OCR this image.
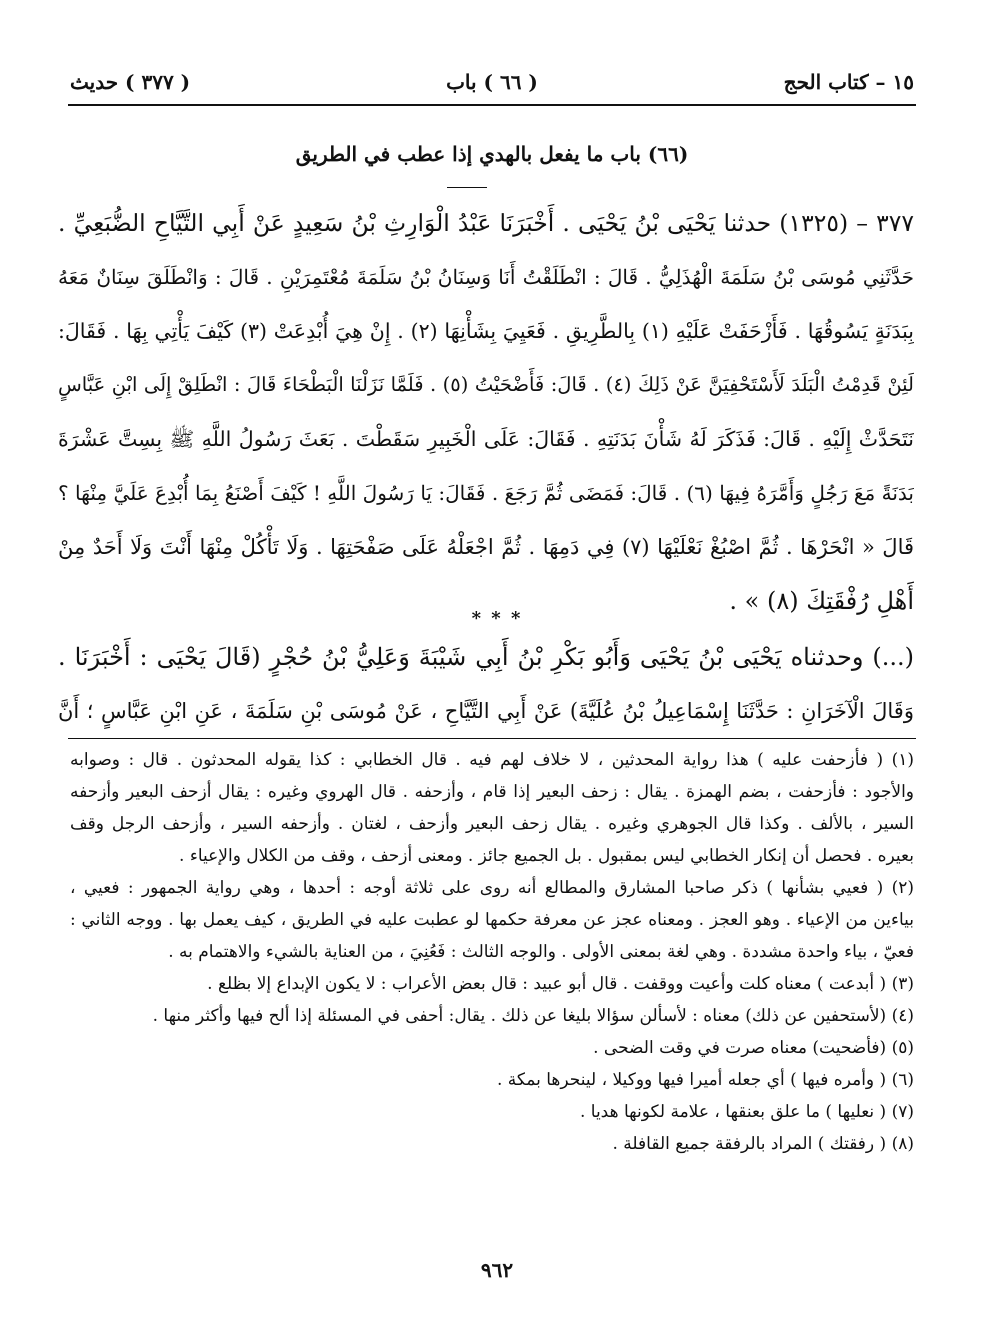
١٥ – كتاب الحج
( ٦٦ ) باب
( ٣٧٧ ) حديث
(٦٦) باب ما يفعل بالهدي إذا عطب في الطريق
٣٧٧ – (١٣٢٥) حدثنا يَحْيَى بْنُ يَحْيَى . أَخْبَرَنَا عَبْدُ الْوَارِثِ بْنُ سَعِيدٍ عَنْ أَبِي التَّيَّاحِ الضُّبَعِيِّ .
حَدَّثَنِي مُوسَى بْنُ سَلَمَةَ الْهُذَلِيُّ . قَالَ : انْطَلَقْتُ أَنَا وَسِنَانُ بْنُ سَلَمَةَ مُعْتَمِرَيْنِ . قَالَ : وَانْطَلَقَ سِنَانٌ مَعَهُ
بِبَدَنَةٍ يَسُوقُهَا . فَأَزْحَفَتْ عَلَيْهِ (١) بِالطَّرِيقِ . فَعَيِيَ بِشَأْنِهَا (٢) . إِنْ هِيَ أُبْدِعَتْ (٣) كَيْفَ يَأْتِي بِهَا . فَقَالَ:
لَئِنْ قَدِمْتُ الْبَلَدَ لَأَسْتَحْفِيَنَّ عَنْ ذَلِكَ (٤) . قَالَ: فَأَضْحَيْتُ (٥) . فَلَمَّا نَزَلْنَا الْبَطْحَاءَ قَالَ : انْطَلِقْ إِلَى ابْنِ عَبَّاسٍ
نَتَحَدَّثْ إِلَيْهِ . قَالَ: فَذَكَرَ لَهُ شَأْنَ بَدَنَتِهِ . فَقَالَ: عَلَى الْخَبِيرِ سَقَطْتَ . بَعَثَ رَسُولُ اللَّهِ ﷺ بِسِتَّ عَشْرَةَ
بَدَنَةً مَعَ رَجُلٍ وَأَمَّرَهُ فِيهَا (٦) . قَالَ: فَمَضَى ثُمَّ رَجَعَ . فَقَالَ: يَا رَسُولَ اللَّهِ ! كَيْفَ أَصْنَعُ بِمَا أُبْدِعَ عَلَيَّ مِنْهَا ؟
قَالَ « انْحَرْهَا . ثُمَّ اصْبُغْ نَعْلَيْهَا (٧) فِي دَمِهَا . ثُمَّ اجْعَلْهُ عَلَى صَفْحَتِهَا . وَلَا تَأْكُلْ مِنْهَا أَنْتَ وَلَا أَحَدٌ مِنْ
أَهْلِ رُفْقَتِكَ (٨) » .
* * *
(...) وحدثناه يَحْيَى بْنُ يَحْيَى وَأَبُو بَكْرِ بْنُ أَبِي شَيْبَةَ وَعَلِيُّ بْنُ حُجْرٍ (قَالَ يَحْيَى : أَخْبَرَنَا .
وَقَالَ الْآخَرَانِ : حَدَّثَنَا إِسْمَاعِيلُ بْنُ عُلَيَّةَ) عَنْ أَبِي التَّيَّاحِ ، عَنْ مُوسَى بْنِ سَلَمَةَ ، عَنِ ابْنِ عَبَّاسٍ ؛ أَنَّ
(١) ( فأزحفت عليه ) هذا رواية المحدثين ، لا خلاف لهم فيه . قال الخطابي : كذا يقوله المحدثون . قال : وصوابه
والأجود : فأزحفت ، بضم الهمزة . يقال : زحف البعير إذا قام ، وأزحفه . قال الهروي وغيره : يقال أزحف البعير وأزحفه
السير ، بالألف . وكذا قال الجوهري وغيره . يقال زحف البعير وأزحف ، لغتان . وأزحفه السير ، وأزحف الرجل وقف
بعيره . فحصل أن إنكار الخطابي ليس بمقبول . بل الجميع جائز . ومعنى أزحف ، وقف من الكلال والإعياء .
(٢) ( فعيي بشأنها ) ذكر صاحبا المشارق والمطالع أنه روى على ثلاثة أوجه : أحدها ، وهي رواية الجمهور : فعيي ،
بياءين من الإعياء . وهو العجز . ومعناه عجز عن معرفة حكمها لو عطبت عليه في الطريق ، كيف يعمل بها . ووجه الثاني :
فعيّ ، بياء واحدة مشددة . وهي لغة بمعنى الأولى . والوجه الثالث : فَعُنِيَ ، من العناية بالشيء والاهتمام به .
(٣) ( أبدعت ) معناه كلت وأعيت ووقفت . قال أبو عبيد : قال بعض الأعراب : لا يكون الإبداع إلا بظلع .
(٤) (لأستحفين عن ذلك) معناه : لأسألن سؤالا بليغا عن ذلك . يقال: أحفى في المسئلة إذا ألح فيها وأكثر منها .
(٥) (فأضحيت) معناه صرت في وقت الضحى .
(٦) ( وأمره فيها ) أي جعله أميرا فيها ووكيلا ، لينحرها بمكة .
(٧) ( نعليها ) ما علق بعنقها ، علامة لكونها هديا .
(٨) ( رفقتك ) المراد بالرفقة جميع القافلة .
٩٦٢
